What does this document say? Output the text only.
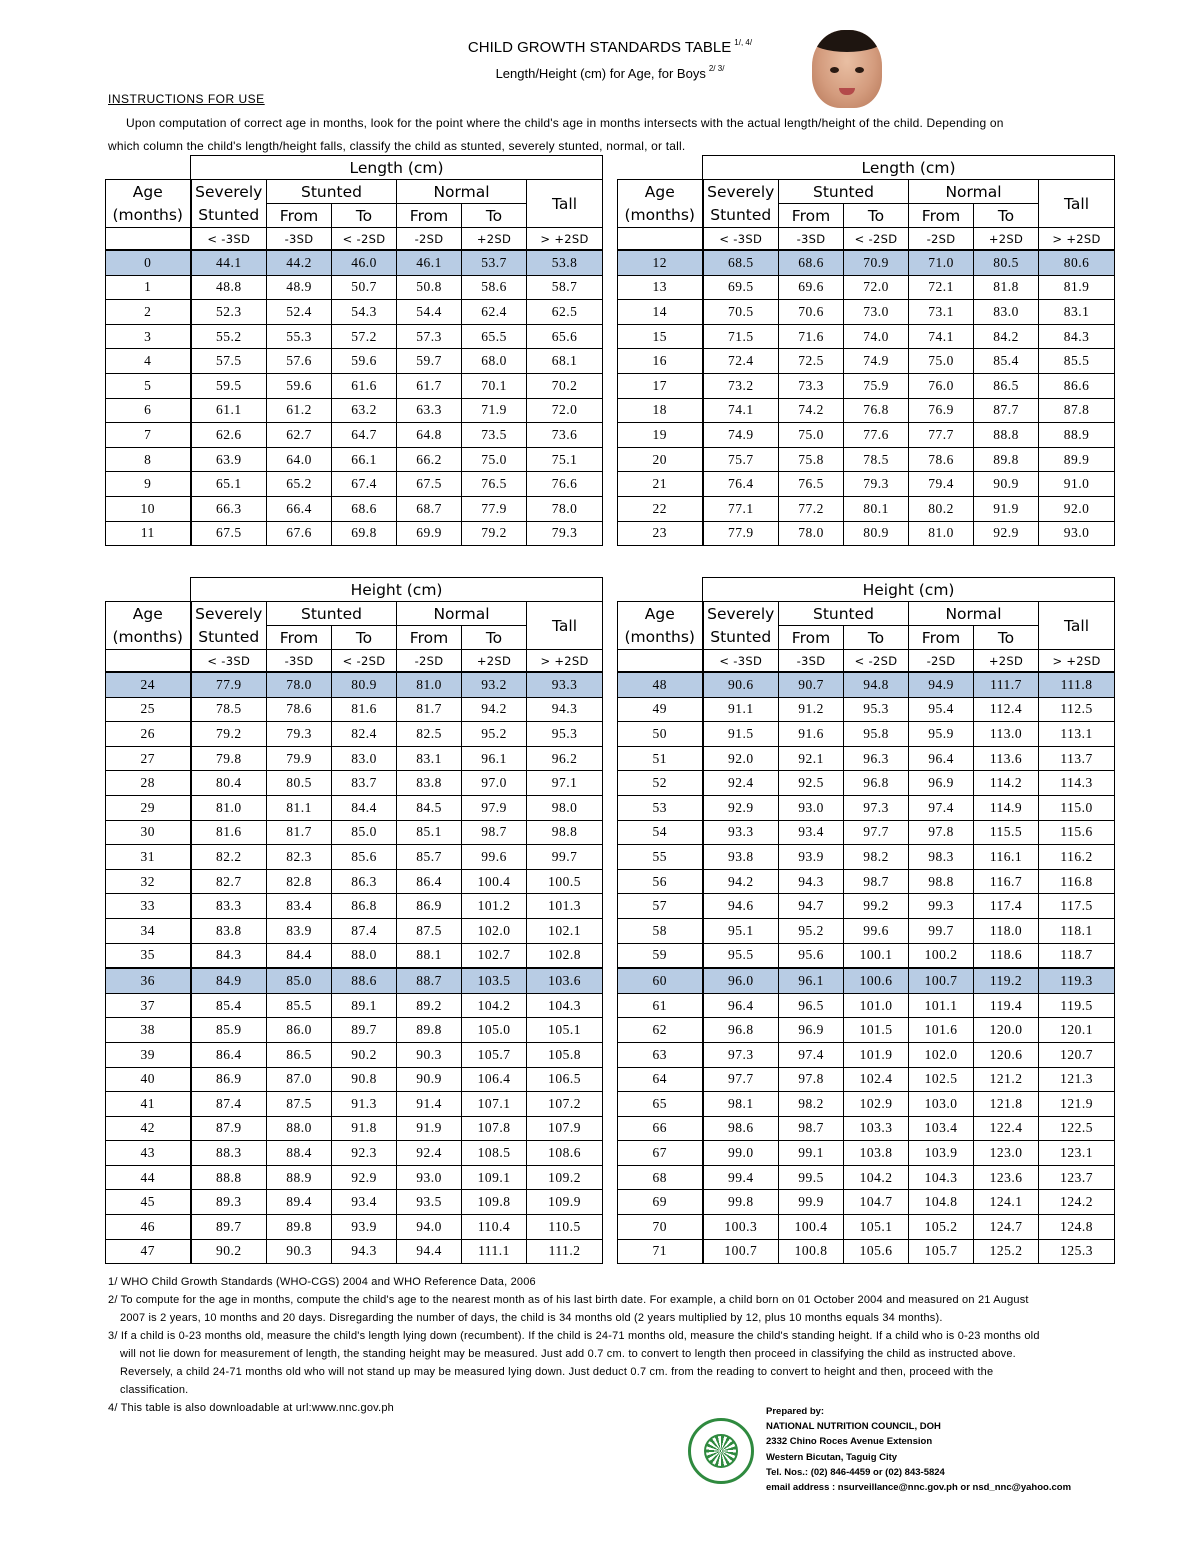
CHILD GROWTH STANDARDS TABLE $^{1/, 4/}$
Length/Height (cm) for Age, for Boys $^{2/ 3/}$
INSTRUCTIONS FOR USE
Upon computation of correct age in months, look for the point where the child's age in months intersects with the actual length/height of the child. Depending on which column the child's length/height falls, classify the child as stunted, severely stunted, normal, or tall.
	Length (cm)					
Age	Severely	Stunted		Normal		Tall
(months)	Stunted	From	To	From	To	
	< -3SD	-3SD	< -2SD	-2SD	+2SD	> +2SD
0	44.1	44.2	46.0	46.1	53.7	53.8
1	48.8	48.9	50.7	50.8	58.6	58.7
2	52.3	52.4	54.3	54.4	62.4	62.5
3	55.2	55.3	57.2	57.3	65.5	65.6
4	57.5	57.6	59.6	59.7	68.0	68.1
5	59.5	59.6	61.6	61.7	70.1	70.2
6	61.1	61.2	63.2	63.3	71.9	72.0
7	62.6	62.7	64.7	64.8	73.5	73.6
8	63.9	64.0	66.1	66.2	75.0	75.1
9	65.1	65.2	67.4	67.5	76.5	76.6
10	66.3	66.4	68.6	68.7	77.9	78.0
11	67.5	67.6	69.8	69.9	79.2	79.3
	Length (cm)					
Age	Severely	Stunted		Normal		Tall
(months)	Stunted	From	To	From	To	
	< -3SD	-3SD	< -2SD	-2SD	+2SD	> +2SD
12	68.5	68.6	70.9	71.0	80.5	80.6
13	69.5	69.6	72.0	72.1	81.8	81.9
14	70.5	70.6	73.0	73.1	83.0	83.1
15	71.5	71.6	74.0	74.1	84.2	84.3
16	72.4	72.5	74.9	75.0	85.4	85.5
17	73.2	73.3	75.9	76.0	86.5	86.6
18	74.1	74.2	76.8	76.9	87.7	87.8
19	74.9	75.0	77.6	77.7	88.8	88.9
20	75.7	75.8	78.5	78.6	89.8	89.9
21	76.4	76.5	79.3	79.4	90.9	91.0
22	77.1	77.2	80.1	80.2	91.9	92.0
23	77.9	78.0	80.9	81.0	92.9	93.0
	Height (cm)					
Age	Severely	Stunted		Normal		Tall
(months)	Stunted	From	To	From	To	
	< -3SD	-3SD	< -2SD	-2SD	+2SD	> +2SD
24	77.9	78.0	80.9	81.0	93.2	93.3
25	78.5	78.6	81.6	81.7	94.2	94.3
26	79.2	79.3	82.4	82.5	95.2	95.3
27	79.8	79.9	83.0	83.1	96.1	96.2
28	80.4	80.5	83.7	83.8	97.0	97.1
29	81.0	81.1	84.4	84.5	97.9	98.0
30	81.6	81.7	85.0	85.1	98.7	98.8
31	82.2	82.3	85.6	85.7	99.6	99.7
32	82.7	82.8	86.3	86.4	100.4	100.5
33	83.3	83.4	86.8	86.9	101.2	101.3
34	83.8	83.9	87.4	87.5	102.0	102.1
35	84.3	84.4	88.0	88.1	102.7	102.8
36	84.9	85.0	88.6	88.7	103.5	103.6
37	85.4	85.5	89.1	89.2	104.2	104.3
38	85.9	86.0	89.7	89.8	105.0	105.1
39	86.4	86.5	90.2	90.3	105.7	105.8
40	86.9	87.0	90.8	90.9	106.4	106.5
41	87.4	87.5	91.3	91.4	107.1	107.2
42	87.9	88.0	91.8	91.9	107.8	107.9
43	88.3	88.4	92.3	92.4	108.5	108.6
44	88.8	88.9	92.9	93.0	109.1	109.2
45	89.3	89.4	93.4	93.5	109.8	109.9
46	89.7	89.8	93.9	94.0	110.4	110.5
47	90.2	90.3	94.3	94.4	111.1	111.2
	Height (cm)					
Age	Severely	Stunted		Normal		Tall
(months)	Stunted	From	To	From	To	
	< -3SD	-3SD	< -2SD	-2SD	+2SD	> +2SD
48	90.6	90.7	94.8	94.9	111.7	111.8
49	91.1	91.2	95.3	95.4	112.4	112.5
50	91.5	91.6	95.8	95.9	113.0	113.1
51	92.0	92.1	96.3	96.4	113.6	113.7
52	92.4	92.5	96.8	96.9	114.2	114.3
53	92.9	93.0	97.3	97.4	114.9	115.0
54	93.3	93.4	97.7	97.8	115.5	115.6
55	93.8	93.9	98.2	98.3	116.1	116.2
56	94.2	94.3	98.7	98.8	116.7	116.8
57	94.6	94.7	99.2	99.3	117.4	117.5
58	95.1	95.2	99.6	99.7	118.0	118.1
59	95.5	95.6	100.1	100.2	118.6	118.7
60	96.0	96.1	100.6	100.7	119.2	119.3
61	96.4	96.5	101.0	101.1	119.4	119.5
62	96.8	96.9	101.5	101.6	120.0	120.1
63	97.3	97.4	101.9	102.0	120.6	120.7
64	97.7	97.8	102.4	102.5	121.2	121.3
65	98.1	98.2	102.9	103.0	121.8	121.9
66	98.6	98.7	103.3	103.4	122.4	122.5
67	99.0	99.1	103.8	103.9	123.0	123.1
68	99.4	99.5	104.2	104.3	123.6	123.7
69	99.8	99.9	104.7	104.8	124.1	124.2
70	100.3	100.4	105.1	105.2	124.7	124.8
71	100.7	100.8	105.6	105.7	125.2	125.3

1/ WHO Child Growth Standards (WHO-CGS) 2004 and WHO Reference Data, 2006

2/ To compute for the age in months, compute the child's age to the nearest month as of his last birth date. For example, a child born on 01 October 2004 and measured on 21 August 2007 is 2 years, 10 months and 20 days. Disregarding the number of days, the child is 34 months old (2 years multiplied by 12, plus 10 months equals 34 months).

3/ If a child is 0-23 months old, measure the child's length lying down (recumbent). If the child is 24-71 months old, measure the child's standing height. If a child who is 0-23 months old will not lie down for measurement of length, the standing height may be measured. Just add 0.7 cm. to convert to length then proceed in classifying the child as instructed above. Reversely, a child 24-71 months old who will not stand up may be measured lying down. Just deduct 0.7 cm. from the reading to convert to height and then, proceed with the classification.

4/ This table is also downloadable at url:www.nnc.gov.ph	Prepared by:
NATIONAL NUTRITION COUNCIL, DOH
2332 Chino Roces Avenue Extension
Western Bicutan, Taguig City
Tel. Nos.: (02) 846-4459 or (02) 843-5824
email address : nsurveillance@nnc.gov.ph or nsd_nnc@yahoo.com
